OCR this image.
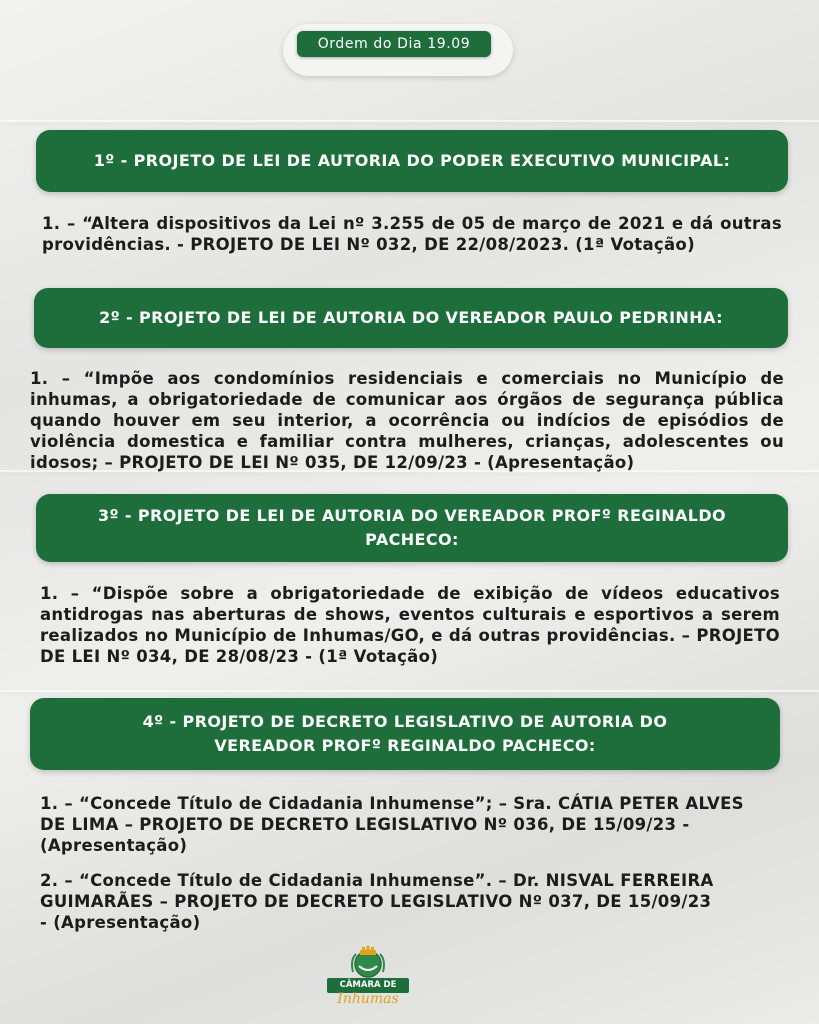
Ordem do Dia 19.09
1º - PROJETO DE LEI DE AUTORIA DO PODER EXECUTIVO MUNICIPAL:
1. – “Altera dispositivos da Lei nº 3.255 de 05 de março de 2021 e dá outras providências. - PROJETO DE LEI Nº 032, DE 22/08/2023. (1ª Votação)
2º - PROJETO DE LEI DE AUTORIA DO VEREADOR PAULO PEDRINHA:
1. – “Impõe aos condomínios residenciais e comerciais no Município de inhumas, a obrigatoriedade de comunicar aos órgãos de segurança pública quando houver em seu interior, a ocorrência ou indícios de episódios de violência domestica e familiar contra mulheres, crianças, adolescentes ou idosos; – PROJETO DE LEI Nº 035, DE 12/09/23 - (Apresentação)
3º - PROJETO DE LEI DE AUTORIA DO VEREADOR PROFº REGINALDO PACHECO:
1. – “Dispõe sobre a obrigatoriedade de exibição de vídeos educativos antidrogas nas aberturas de shows, eventos culturais e esportivos a serem realizados no Município de Inhumas/GO, e dá outras providências. – PROJETO DE LEI Nº 034, DE 28/08/23 - (1ª Votação)
4º - PROJETO DE DECRETO LEGISLATIVO DE AUTORIA DO VEREADOR PROFº REGINALDO PACHECO:
1. – “Concede Título de Cidadania Inhumense”; – Sra. CÁTIA PETER ALVES DE LIMA – PROJETO DE DECRETO LEGISLATIVO Nº 036, DE 15/09/23 - (Apresentação)
2. – “Concede Título de Cidadania Inhumense”. – Dr. NISVAL FERREIRA GUIMARÃES – PROJETO DE DECRETO LEGISLATIVO Nº 037, DE 15/09/23 - (Apresentação)
CÂMARA DE
Inhumas
